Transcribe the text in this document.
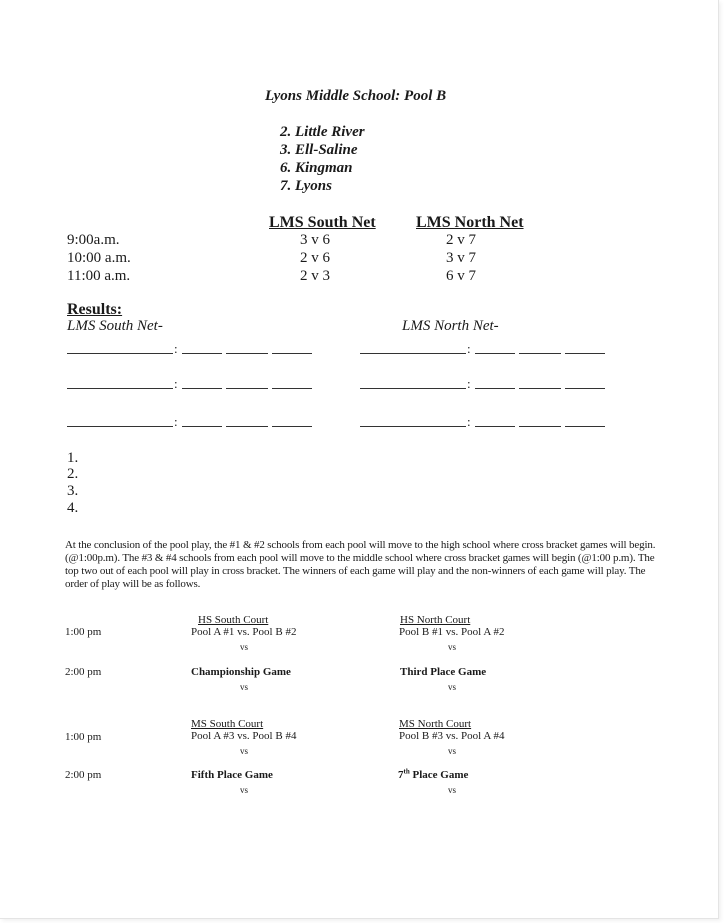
Lyons Middle School: Pool B
2. Little River
3. Ell-Saline
6. Kingman
7. Lyons
LMS South Net	LMS North Net
9:00a.m.	3 v 6	2 v 7
10:00 a.m.	2 v 6	3 v 7
11:00 a.m.	2 v 3	6 v 7
Results:
LMS South Net-	LMS North Net-
:	:
:	:
:	:
1.
2.
3.
4.
At the conclusion of the pool play, the #1 & #2 schools from each pool will move to the high school where cross bracket games will begin. (@1:00p.m). The #3 & #4 schools from each pool will move to the middle school where cross bracket games will begin (@1:00 p.m). The top two out of each pool will play in cross bracket. The winners of each game will play and the non-winners of each game will play. The order of play will be as follows.
HS South Court	HS North Court
1:00 pm	Pool A #1 vs. Pool B #2	Pool B #1 vs. Pool A #2
vs	vs
2:00 pm	Championship Game	Third Place Game
vs	vs
MS South Court	MS North Court
1:00 pm	Pool A #3 vs. Pool B #4	Pool B #3 vs. Pool A #4
vs	vs
2:00 pm	Fifth Place Game	7th Place Game
vs	vs
